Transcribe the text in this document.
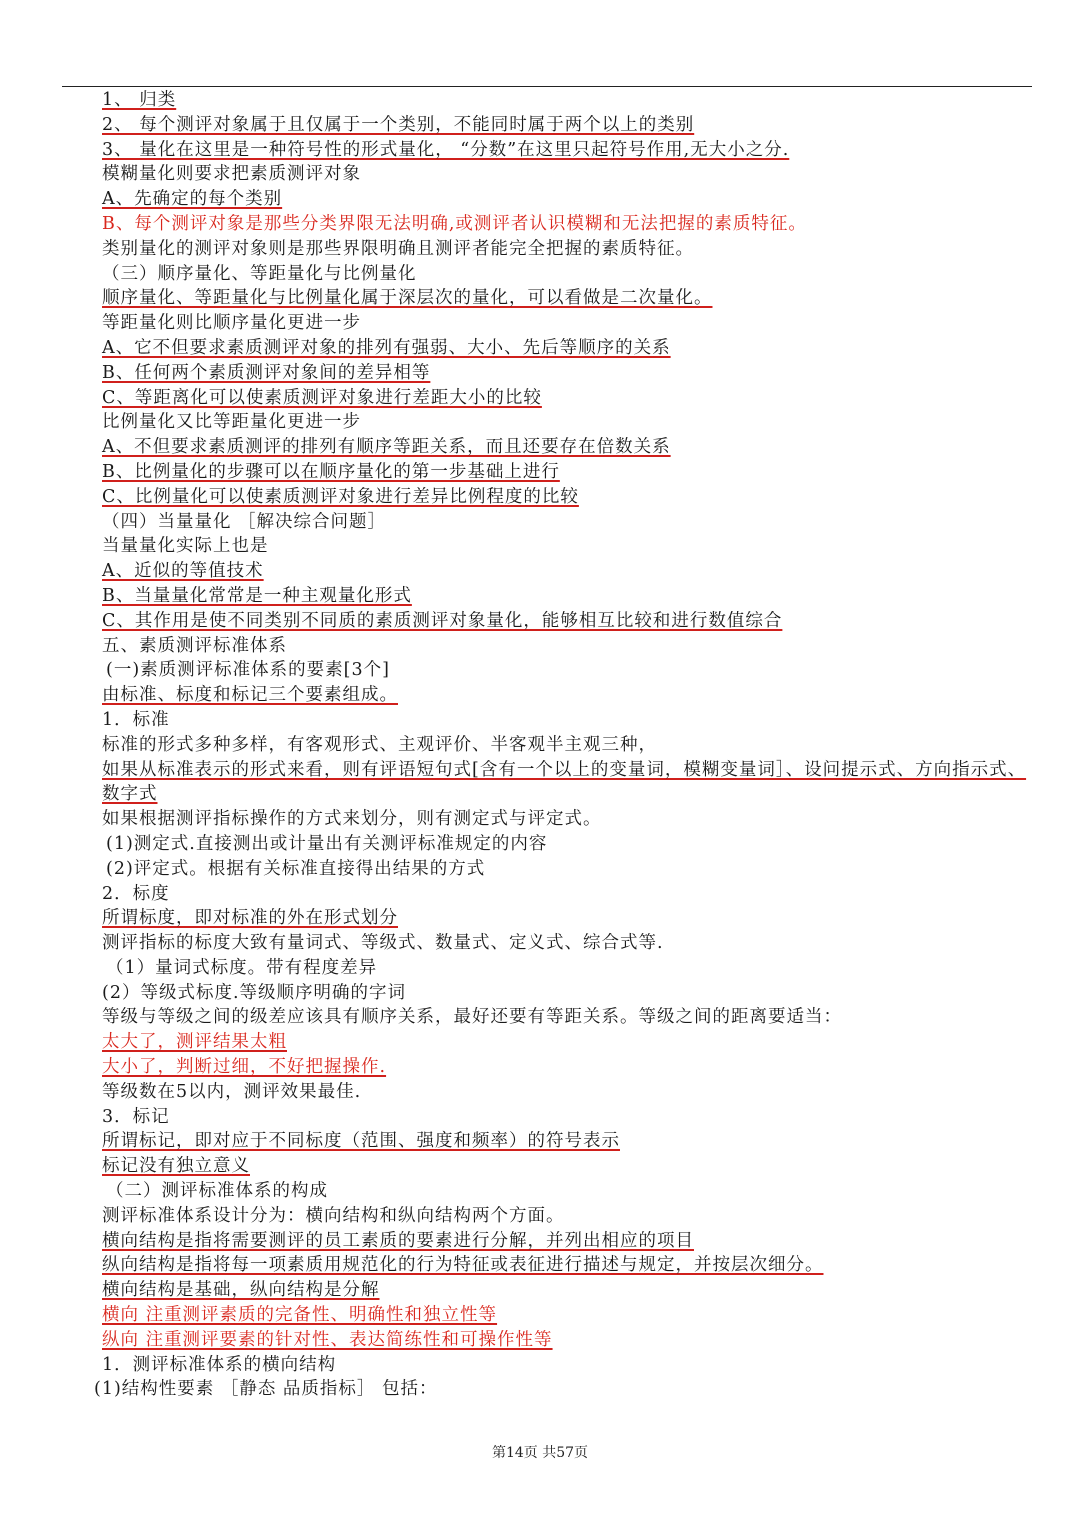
1、 归类
2、 每个测评对象属于且仅属于一个类别，不能同时属于两个以上的类别
3、 量化在这里是一种符号性的形式量化， “分数”在这里只起符号作用,无大小之分.
模糊量化则要求把素质测评对象
A、先确定的每个类别
B、每个测评对象是那些分类界限无法明确,或测评者认识模糊和无法把握的素质特征。
类别量化的测评对象则是那些界限明确且测评者能完全把握的素质特征。
（三）顺序量化、等距量化与比例量化
顺序量化、等距量化与比例量化属于深层次的量化，可以看做是二次量化。
等距量化则比顺序量化更进一步
A、它不但要求素质测评对象的排列有强弱、大小、先后等顺序的关系
B、任何两个素质测评对象间的差异相等
C、等距离化可以使素质测评对象进行差距大小的比较
比例量化又比等距量化更进一步
A、不但要求素质测评的排列有顺序等距关系，而且还要存在倍数关系
B、比例量化的步骤可以在顺序量化的第一步基础上进行
C、比例量化可以使素质测评对象进行差异比例程度的比较
（四）当量量化 ［解决综合问题］
当量量化实际上也是
A、近似的等值技术
B、当量量化常常是一种主观量化形式
C、其作用是使不同类别不同质的素质测评对象量化，能够相互比较和进行数值综合
五、素质测评标准体系
(一)素质测评标准体系的要素[3个]
由标准、标度和标记三个要素组成。
1．标准
标准的形式多种多样，有客观形式、主观评价、半客观半主观三种，
如果从标准表示的形式来看，则有评语短句式[含有一个以上的变量词，模糊变量词］、设问提示式、方向指示式、数字式
如果根据测评指标操作的方式来划分，则有测定式与评定式。
(1)测定式.直接测出或计量出有关测评标准规定的内容
(2)评定式。根据有关标准直接得出结果的方式
2．标度
所谓标度，即对标准的外在形式划分
测评指标的标度大致有量词式、等级式、数量式、定义式、综合式等.
（1）量词式标度。带有程度差异
(2）等级式标度.等级顺序明确的字词
等级与等级之间的级差应该具有顺序关系，最好还要有等距关系。等级之间的距离要适当：
太大了，测评结果太粗
大小了，判断过细，不好把握操作.
等级数在5以内，测评效果最佳.
3．标记
所谓标记，即对应于不同标度（范围、强度和频率）的符号表示
标记没有独立意义
（二）测评标准体系的构成
测评标准体系设计分为：横向结构和纵向结构两个方面。
横向结构是指将需要测评的员工素质的要素进行分解，并列出相应的项目
纵向结构是指将每一项素质用规范化的行为特征或表征进行描述与规定，并按层次细分。
横向结构是基础，纵向结构是分解
横向 注重测评素质的完备性、明确性和独立性等
纵向 注重测评要素的针对性、表达简练性和可操作性等
1．测评标准体系的横向结构
(1)结构性要素 ［静态 品质指标］ 包括：
第14页 共57页
